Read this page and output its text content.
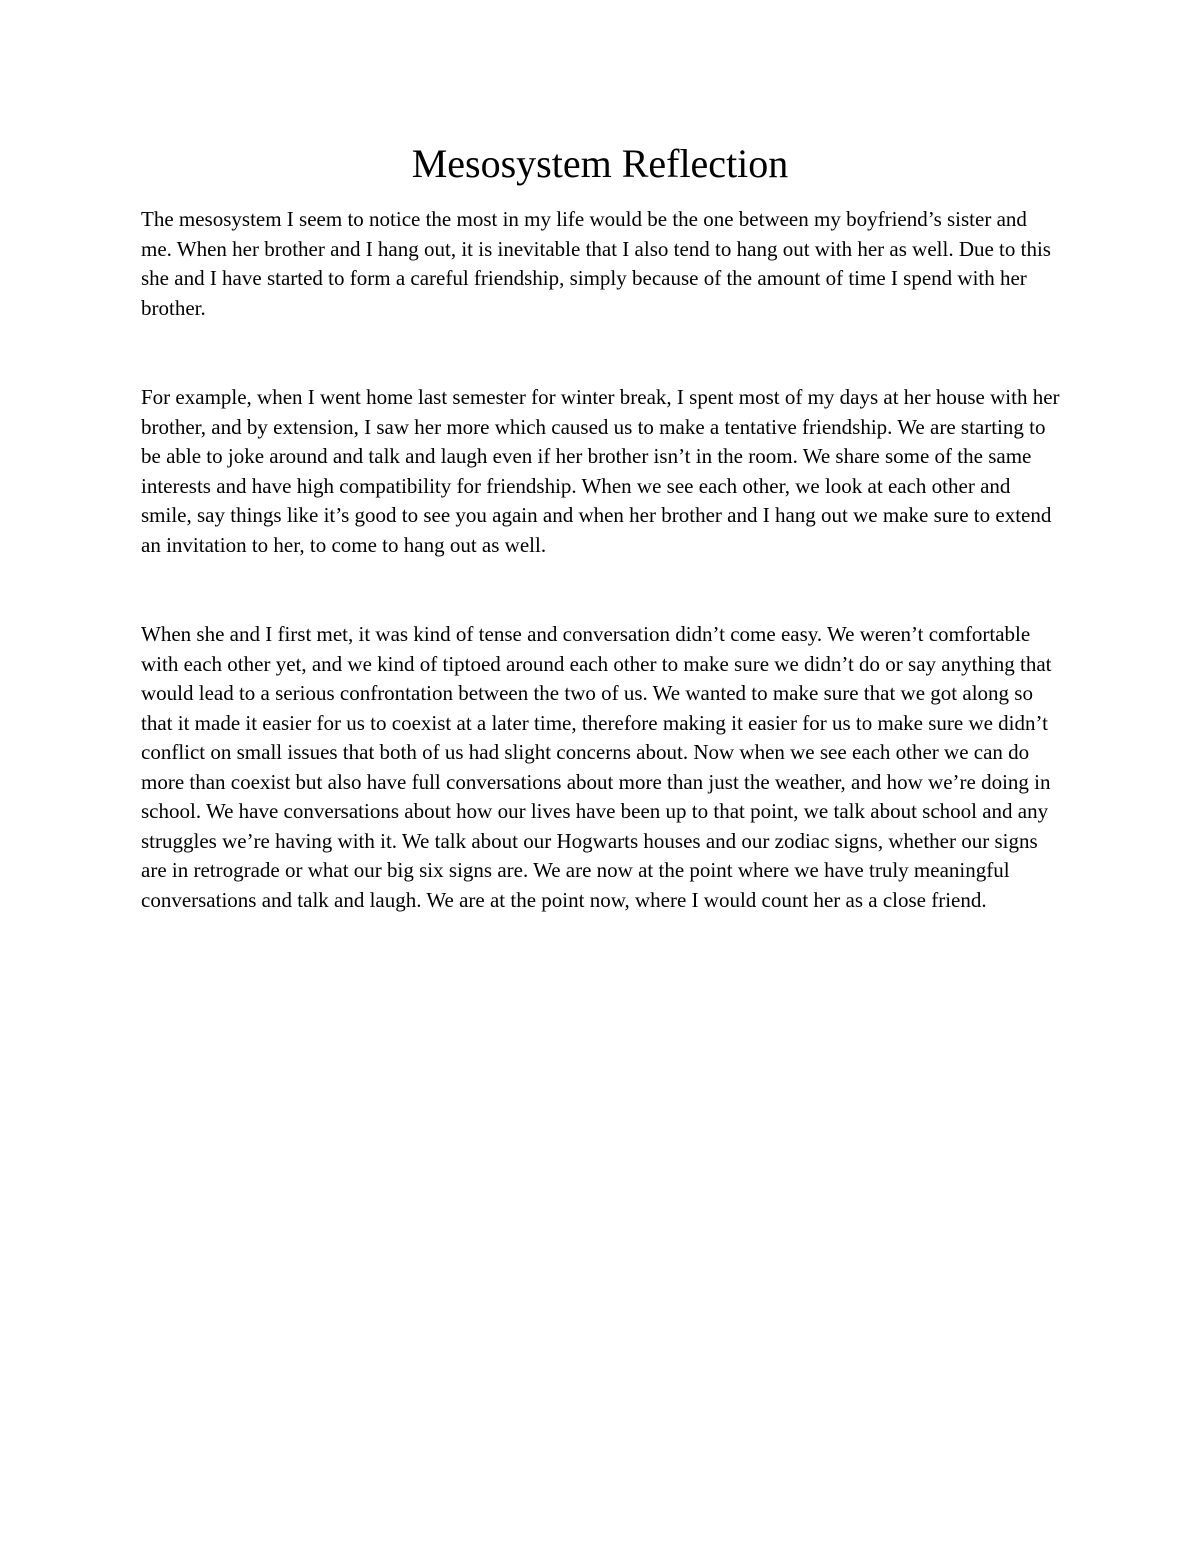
Mesosystem Reflection

The mesosystem I seem to notice the most in my life would be the one between my boyfriend’s sister and me. When her brother and I hang out, it is inevitable that I also tend to hang out with her as well. Due to this she and I have started to form a careful friendship, simply because of the amount of time I spend with her brother.

For example, when I went home last semester for winter break, I spent most of my days at her house with her brother, and by extension, I saw her more which caused us to make a tentative friendship. We are starting to be able to joke around and talk and laugh even if her brother isn’t in the room. We share some of the same interests and have high compatibility for friendship. When we see each other, we look at each other and smile, say things like it’s good to see you again and when her brother and I hang out we make sure to extend an invitation to her, to come to hang out as well.

When she and I first met, it was kind of tense and conversation didn’t come easy. We weren’t comfortable with each other yet, and we kind of tiptoed around each other to make sure we didn’t do or say anything that would lead to a serious confrontation between the two of us. We wanted to make sure that we got along so that it made it easier for us to coexist at a later time, therefore making it easier for us to make sure we didn’t conflict on small issues that both of us had slight concerns about. Now when we see each other we can do more than coexist but also have full conversations about more than just the weather, and how we’re doing in school. We have conversations about how our lives have been up to that point, we talk about school and any struggles we’re having with it. We talk about our Hogwarts houses and our zodiac signs, whether our signs are in retrograde or what our big six signs are. We are now at the point where we have truly meaningful conversations and talk and laugh. We are at the point now, where I would count her as a close friend.
